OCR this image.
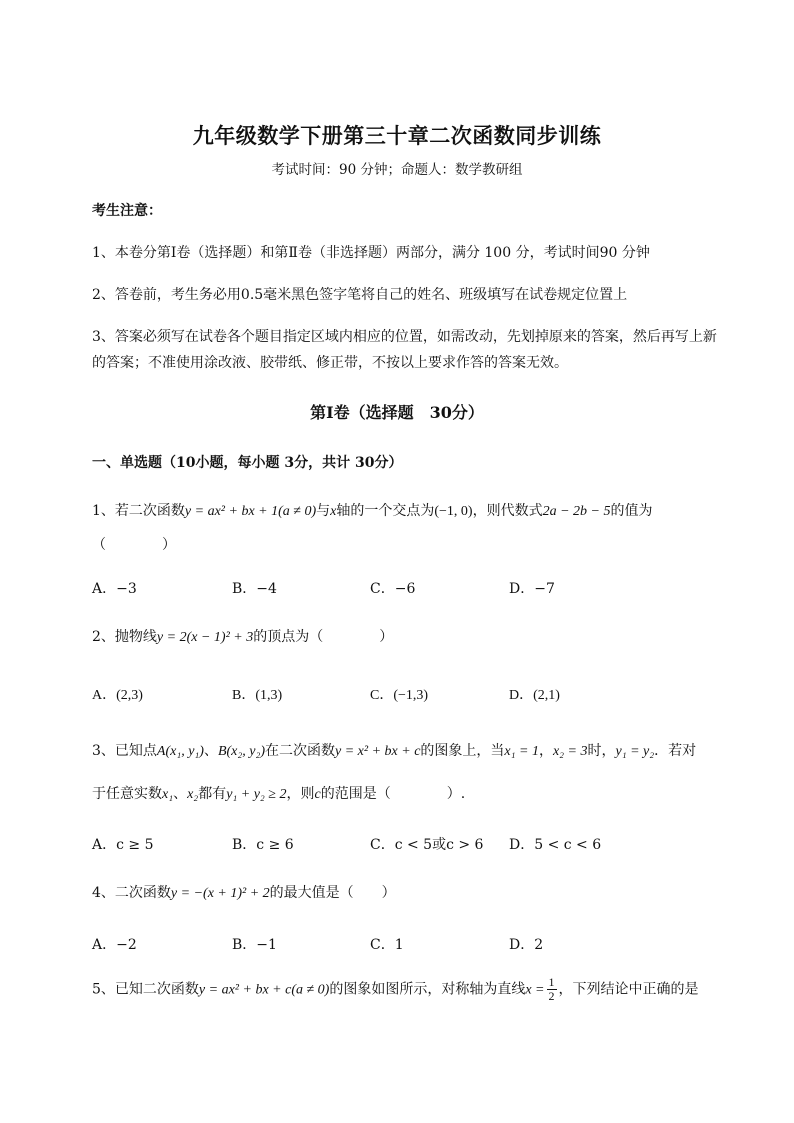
九年级数学下册第三十章二次函数同步训练
考试时间：90 分钟；命题人：数学教研组
考生注意：
1、本卷分第Ⅰ卷（选择题）和第Ⅱ卷（非选择题）两部分，满分 100 分，考试时间90 分钟
2、答卷前，考生务必用0.5毫米黑色签字笔将自己的姓名、班级填写在试卷规定位置上
3、答案必须写在试卷各个题目指定区域内相应的位置，如需改动，先划掉原来的答案，然后再写上新
的答案；不准使用涂改液、胶带纸、修正带，不按以上要求作答的答案无效。
第Ⅰ卷（选择题　30分）
一、单选题（10小题，每小题 3分，共计 30分）
1、若二次函数y = ax² + bx + 1(a ≠ 0)与x轴的一个交点为(−1, 0)，则代数式2a − 2b − 5的值为
（　　　　）
A．−3	B．−4	C．−6	D．−7
2、抛物线y = 2(x − 1)² + 3的顶点为（　　　　）
A．(2,3)	B．(1,3)	C．(−1,3)	D．(2,1)
3、已知点A(x₁, y₁)、B(x₂, y₂)在二次函数y = x² + bx + c的图象上，当x₁ = 1，x₂ = 3时，y₁ = y₂．若对
于任意实数x₁、x₂都有y₁ + y₂ ≥ 2，则c的范围是（　　　　）.
A．c ≥ 5	B．c ≥ 6	C．c < 5或c > 6 D．5 < c < 6
4、二次函数y = −(x + 1)² + 2的最大值是（　　）
A．−2	B．−1	C．1	D．2
5、已知二次函数y = ax² + bx + c(a ≠ 0)的图象如图所示，对称轴为直线$x = \frac{1}{2}$ ，下列结论中正确的是
